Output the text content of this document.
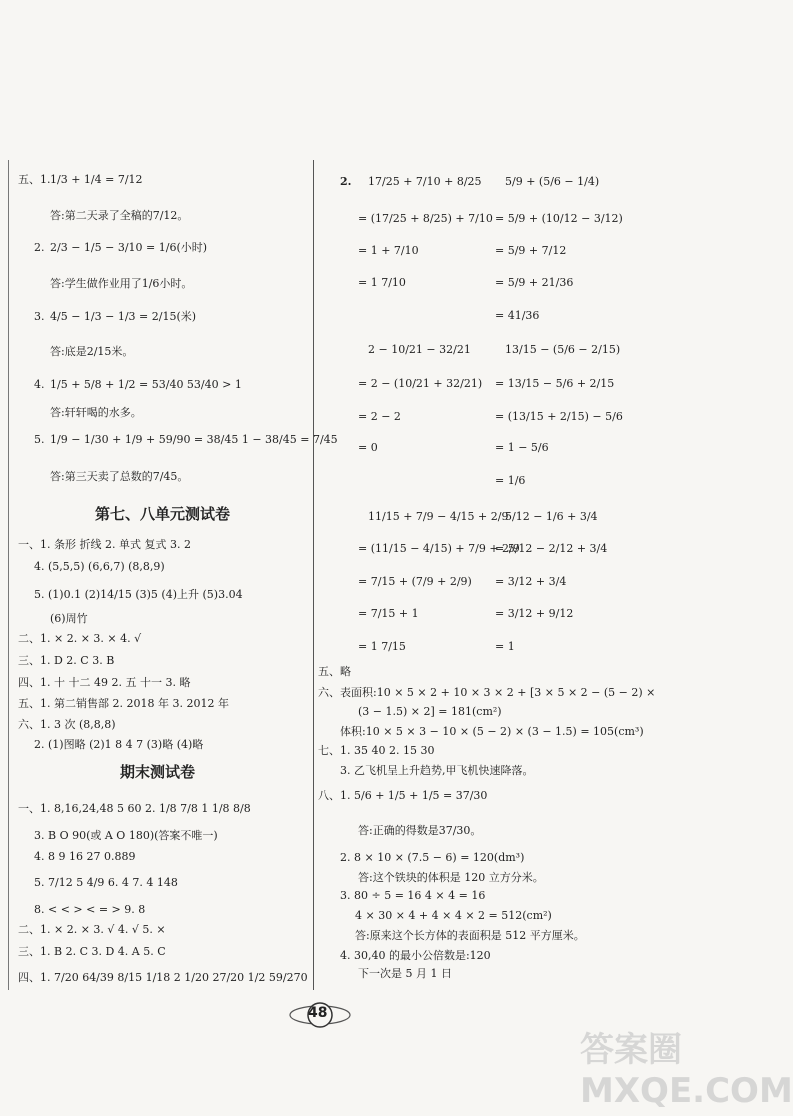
五、1. 1/3 + 1/4 = 7/12
答:第二天录了全稿的7/12。
2. 2/3 − 1/5 − 3/10 = 1/6(小时)
答:学生做作业用了1/6小时。
3. 4/5 − 1/3 − 1/3 = 2/15(米)
答:底是2/15米。
4. 1/5 + 5/8 + 1/2 = 53/40 53/40 > 1
答:轩轩喝的水多。
5. 1/9 − 1/30 + 1/9 + 59/90 = 38/45 1 − 38/45 = 7/45
答:第三天卖了总数的7/45。
第七、八单元测试卷
一、1. 条形 折线 2. 单式 复式 3. 2
4. (5,5,5) (6,6,7) (8,8,9)
5. (1)0.1 (2)14/15 (3)5 (4)上升 (5)3.04
(6)周竹
二、1. × 2. × 3. × 4. √
三、1. D 2. C 3. B
四、1. 十 十二 49 2. 五 十一 3. 略
五、1. 第二销售部 2. 2018 年 3. 2012 年
六、1. 3 次 (8,8,8)
2. (1)图略 (2)1 8 4 7 (3)略 (4)略
期末测试卷
一、1. 8,16,24,48 5 60 2. 1/8 7/8 1 1/8 8/8
3. B O 90(或 A O 180)(答案不唯一)
4. 8 9 16 27 0.889
5. 7/12 5 4/9 6. 4 7. 4 148
8. < < > < = > 9. 8
二、1. × 2. × 3. √ 4. √ 5. ×
三、1. B 2. C 3. D 4. A 5. C
四、1. 7/20 64/39 8/15 1/18 2 1/20 27/20 1/2 59/270
2. 17/25 + 7/10 + 8/25
= (17/25 + 8/25) + 7/10
= 1 + 7/10
= 1 7/10
5/9 + (5/6 − 1/4)
= 5/9 + (10/12 − 3/12)
= 5/9 + 7/12
= 5/9 + 21/36
= 41/36
2 − 10/21 − 32/21
= 2 − (10/21 + 32/21)
= 2 − 2
= 0
13/15 − (5/6 − 2/15)
= 13/15 − 5/6 + 2/15
= (13/15 + 2/15) − 5/6
= 1 − 5/6
= 1/6
11/15 + 7/9 − 4/15 + 2/9
= (11/15 − 4/15) + 7/9 + 2/9
= 7/15 + (7/9 + 2/9)
= 7/15 + 1
= 1 7/15
5/12 − 1/6 + 3/4
= 5/12 − 2/12 + 3/4
= 3/12 + 3/4
= 3/12 + 9/12
= 1
五、略
六、表面积:10 × 5 × 2 + 10 × 3 × 2 + [3 × 5 × 2 − (5 − 2) ×
(3 − 1.5) × 2] = 181(cm²)
体积:10 × 5 × 3 − 10 × (5 − 2) × (3 − 1.5) = 105(cm³)
七、1. 35 40 2. 15 30
3. 乙飞机呈上升趋势,甲飞机快速降落。
八、1. 5/6 + 1/5 + 1/5 = 37/30
答:正确的得数是37/30。
2. 8 × 10 × (7.5 − 6) = 120(dm³)
答:这个铁块的体积是 120 立方分米。
3. 80 ÷ 5 = 16 4 × 4 = 16
4 × 30 × 4 + 4 × 4 × 2 = 512(cm²)
答:原来这个长方体的表面积是 512 平方厘米。
4. 30,40 的最小公倍数是:120
下一次是 5 月 1 日
48
答案圈 MXQE.COM
